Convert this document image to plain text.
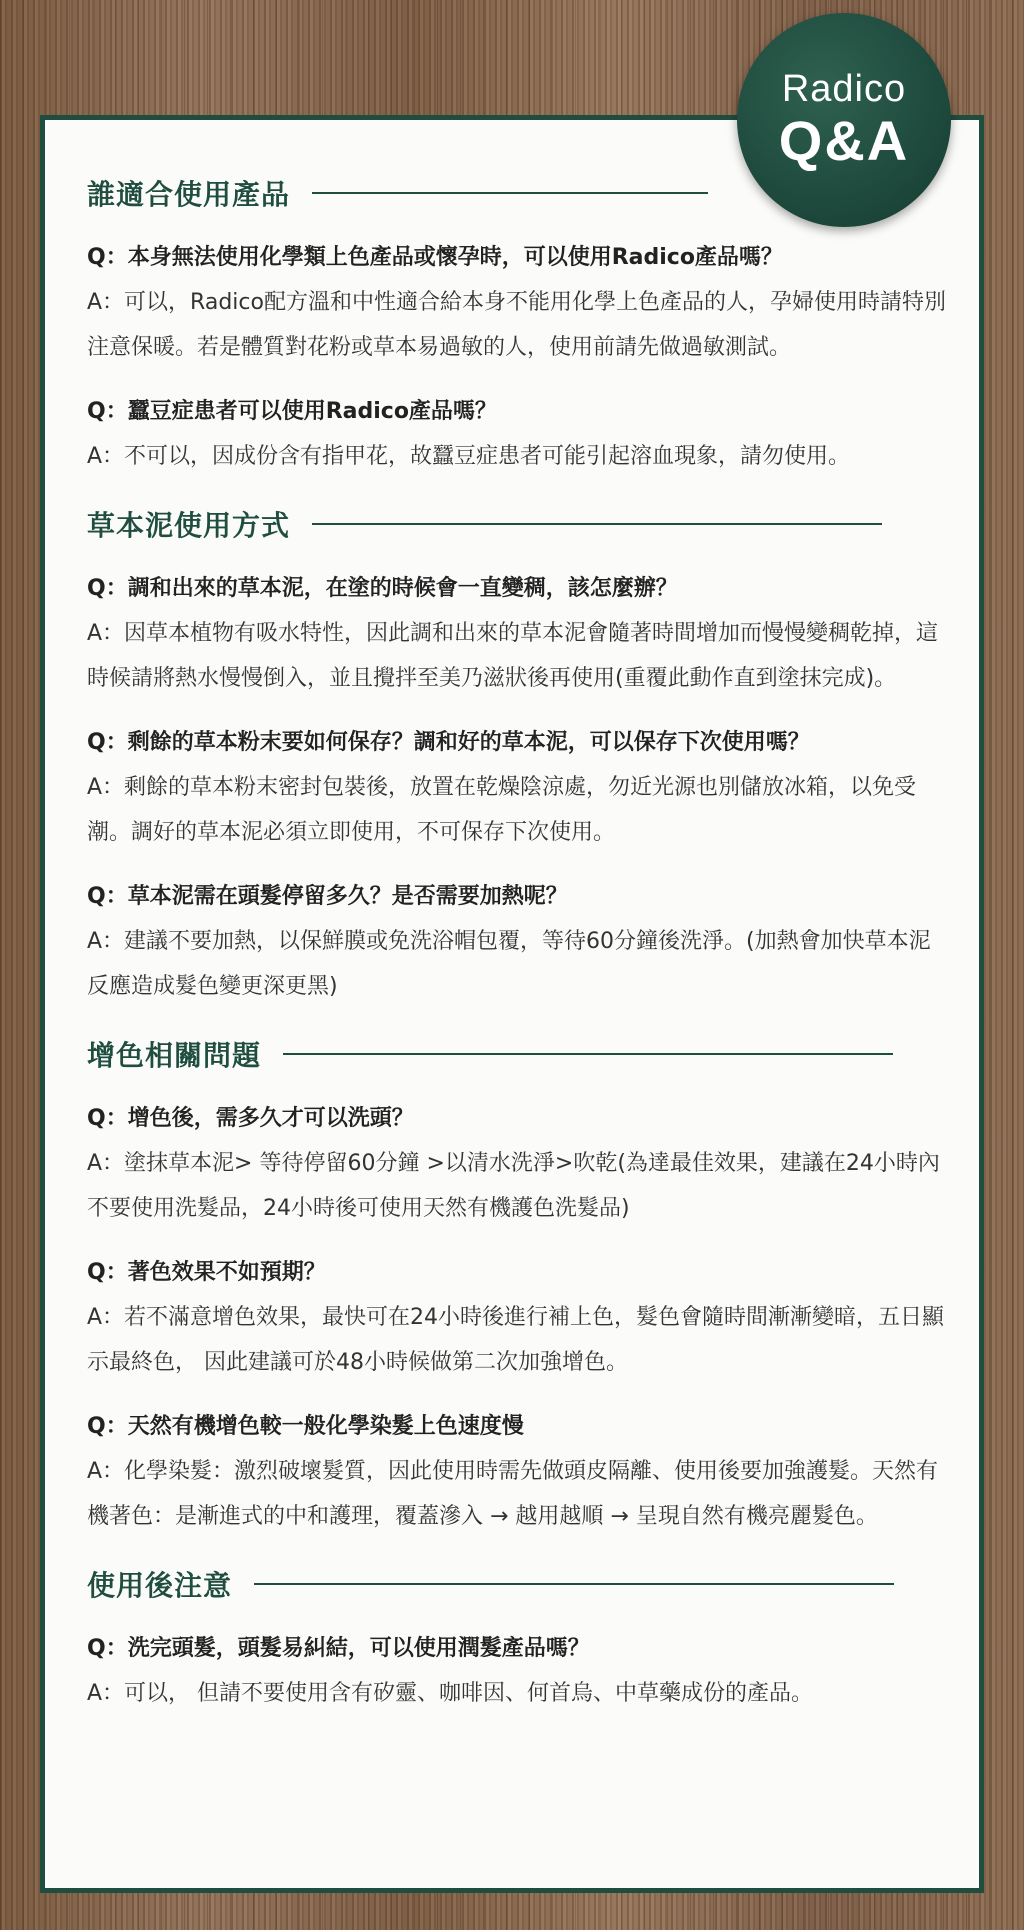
誰適合使用產品
Q：本身無法使用化學類上色產品或懷孕時，可以使用Radico產品嗎？
A：可以，Radico配方溫和中性適合給本身不能用化學上色產品的人，孕婦使用時請特別注意保暖。若是體質對花粉或草本易過敏的人，使用前請先做過敏測試。
Q：蠶豆症患者可以使用Radico產品嗎？
A：不可以，因成份含有指甲花，故蠶豆症患者可能引起溶血現象，請勿使用。
草本泥使用方式
Q：調和出來的草本泥，在塗的時候會一直變稠，該怎麼辦？
A：因草本植物有吸水特性，因此調和出來的草本泥會隨著時間增加而慢慢變稠乾掉，這時候請將熱水慢慢倒入，並且攪拌至美乃滋狀後再使用(重覆此動作直到塗抹完成)。
Q：剩餘的草本粉末要如何保存？調和好的草本泥，可以保存下次使用嗎？
A：剩餘的草本粉末密封包裝後，放置在乾燥陰涼處，勿近光源也別儲放冰箱，以免受潮。調好的草本泥必須立即使用，不可保存下次使用。
Q：草本泥需在頭髮停留多久？是否需要加熱呢？
A：建議不要加熱，以保鮮膜或免洗浴帽包覆，等待60分鐘後洗淨。(加熱會加快草本泥反應造成髮色變更深更黑)
增色相關問題
Q：增色後，需多久才可以洗頭？
A：塗抹草本泥> 等待停留60分鐘 >以清水洗淨>吹乾(為達最佳效果，建議在24小時內不要使用洗髮品，24小時後可使用天然有機護色洗髮品)
Q：著色效果不如預期？
A：若不滿意增色效果，最快可在24小時後進行補上色，髮色會隨時間漸漸變暗，五日顯示最終色， 因此建議可於48小時候做第二次加強增色。
Q：天然有機增色較一般化學染髮上色速度慢
A：化學染髮：激烈破壞髮質，因此使用時需先做頭皮隔離、使用後要加強護髮。天然有機著色：是漸進式的中和護理，覆蓋滲入 → 越用越順 → 呈現自然有機亮麗髮色。
使用後注意
Q：洗完頭髮，頭髮易糾結，可以使用潤髮產品嗎？
A：可以， 但請不要使用含有矽靈、咖啡因、何首烏、中草藥成份的產品。
Radico
Q&A
